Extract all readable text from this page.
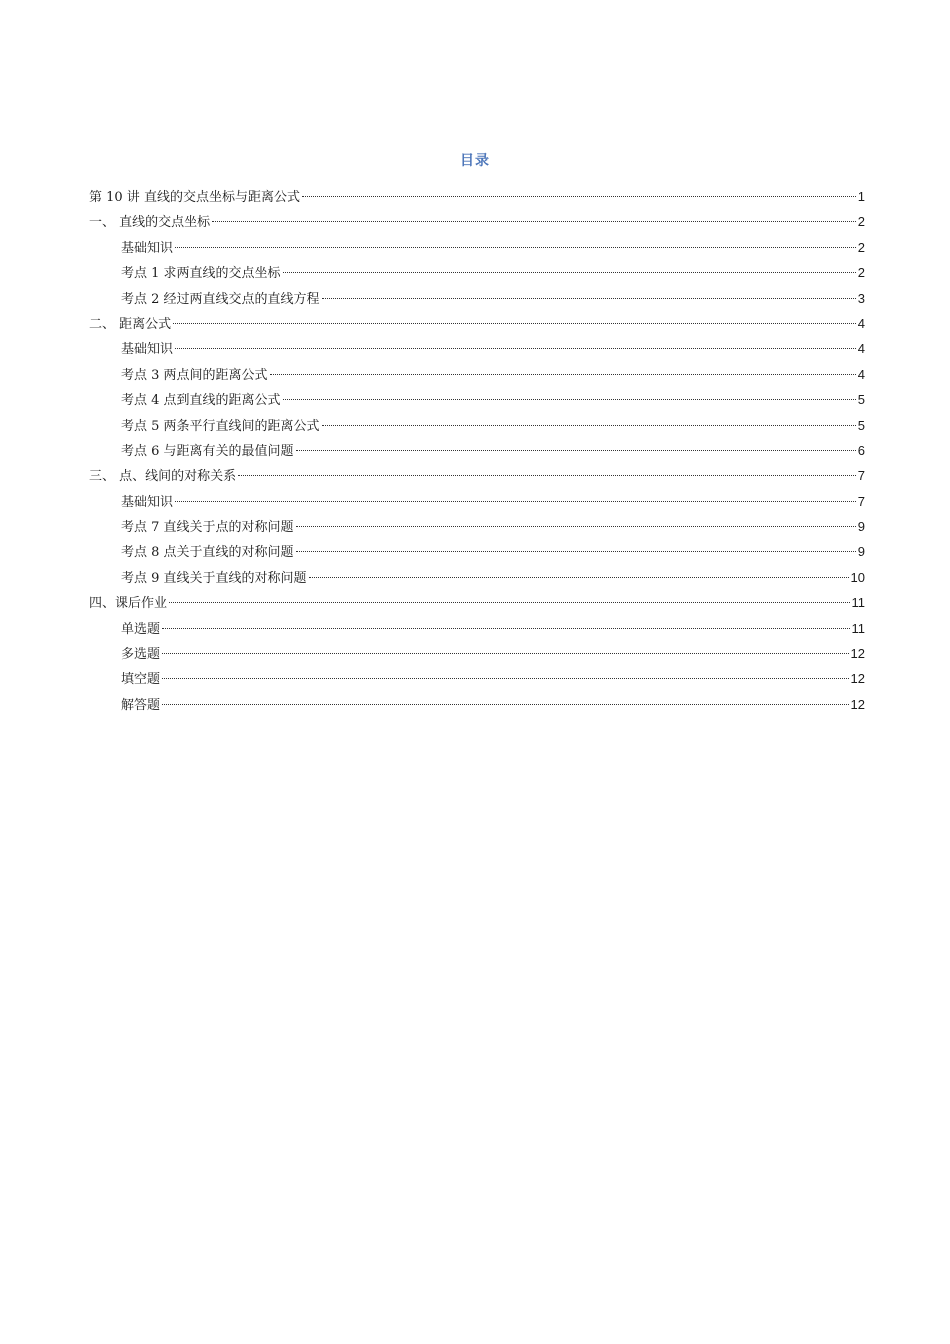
目录
第 10 讲 直线的交点坐标与距离公式	1
一、 直线的交点坐标	2
基础知识	2
考点 1 求两直线的交点坐标	2
考点 2 经过两直线交点的直线方程	3
二、 距离公式	4
基础知识	4
考点 3 两点间的距离公式	4
考点 4 点到直线的距离公式	5
考点 5 两条平行直线间的距离公式	5
考点 6 与距离有关的最值问题	6
三、 点、线间的对称关系	7
基础知识	7
考点 7 直线关于点的对称问题	9
考点 8 点关于直线的对称问题	9
考点 9 直线关于直线的对称问题	10
四、课后作业	11
单选题	11
多选题	12
填空题	12
解答题	12
